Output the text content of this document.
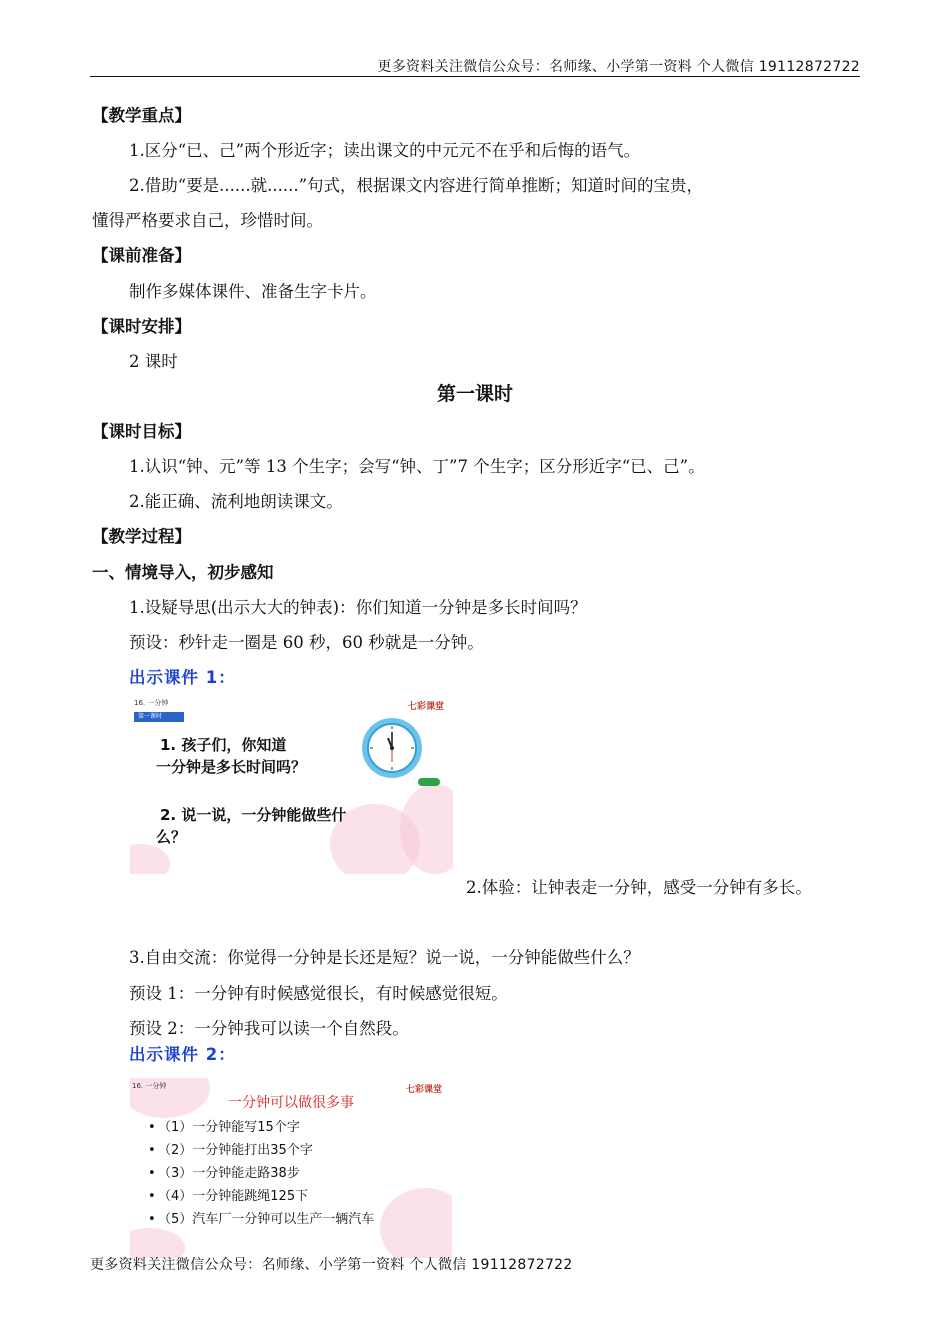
更多资料关注微信公众号：名师缘、小学第一资料 个人微信 19112872722
【教学重点】
1.区分“已、己”两个形近字；读出课文的中元元不在乎和后悔的语气。
2.借助“要是......就......”句式，根据课文内容进行简单推断；知道时间的宝贵，
懂得严格要求自己，珍惜时间。
【课前准备】
制作多媒体课件、准备生字卡片。
【课时安排】
2 课时
第一课时
【课时目标】
1.认识“钟、元”等 13 个生字；会写“钟、丁”7 个生字；区分形近字“已、己”。
2.能正确、流利地朗读课文。
【教学过程】
一、情境导入，初步感知
1.设疑导思(出示大大的钟表)：你们知道一分钟是多长时间吗？
预设：秒针走一圈是 60 秒，60 秒就是一分钟。
出示课件 1：
16. 一分钟
第一课时
七彩课堂
1. 孩子们，你知道
一分钟是多长时间吗？
2. 说一说，一分钟能做些什
么？
2.体验：让钟表走一分钟，感受一分钟有多长。
3.自由交流：你觉得一分钟是长还是短？说一说，一分钟能做些什么？
预设 1：一分钟有时候感觉很长，有时候感觉很短。
预设 2：一分钟我可以读一个自然段。
出示课件 2：
16. 一分钟	七彩课堂
一分钟可以做很多事
• （1）一分钟能写15个字
• （2）一分钟能打出35个字
• （3）一分钟能走路38步
• （4）一分钟能跳绳125下
• （5）汽车厂一分钟可以生产一辆汽车
更多资料关注微信公众号：名师缘、小学第一资料 个人微信 19112872722
